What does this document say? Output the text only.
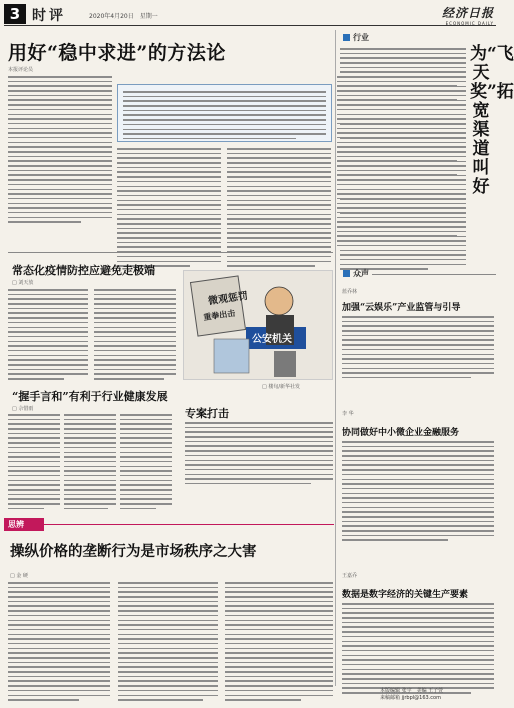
3 时评	2020年4月20日　星期一	经济日报
ECONOMIC DAILY
用好“稳中求进”的方法论
本报评论员
常态化疫情防控应避免走极端
□ 刘天放
微观惩罚
重拳出击
公安机关
□ 楼旬/新华社发
“握手言和”有利于行业健康发展
□ 佘惜雨	专案打击
思辨
操纵价格的垄断行为是市场秩序之大害
□ 金 硬
行业
为“飞天奖”拓宽渠道叫好
众声
蓝乔林
加强“云娱乐”产业监管与引导
李 华
协同做好中小微企业金融服务
王嘉乔
数据是数字经济的关键生产要素
本版编辑 张宇　美编 王子萱
来稿邮箱 jjrbpl@163.com
